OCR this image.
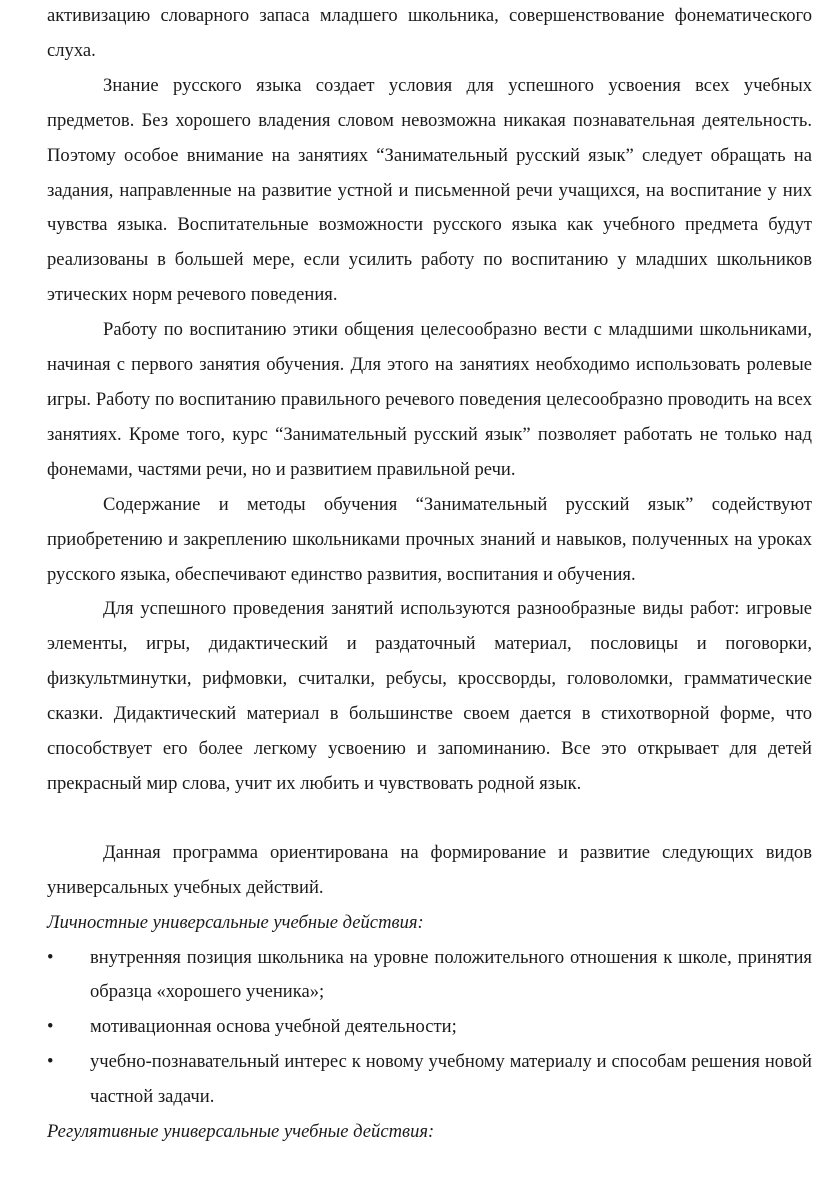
активизацию словарного запаса младшего школьника, совершенствование фонематического слуха.

Знание русского языка создает условия для успешного усвоения всех учебных предметов. Без хорошего владения словом невозможна никакая познавательная деятельность. Поэтому особое внимание на занятиях “Занимательный русский язык” следует обращать на задания, направленные на развитие устной и письменной речи учащихся, на воспитание у них чувства языка. Воспитательные возможности русского языка как учебного предмета будут реализованы в большей мере, если усилить работу по воспитанию у младших школьников этических норм речевого поведения.

Работу по воспитанию этики общения целесообразно вести с младшими школьниками, начиная с первого занятия обучения. Для этого на занятиях необходимо использовать ролевые игры. Работу по воспитанию правильного речевого поведения целесообразно проводить на всех занятиях. Кроме того, курс “Занимательный русский язык” позволяет работать не только над фонемами, частями речи, но и развитием правильной речи.

Содержание и методы обучения “Занимательный русский язык” содействуют приобретению и закреплению школьниками прочных знаний и навыков, полученных на уроках русского языка, обеспечивают единство развития, воспитания и обучения.

Для успешного проведения занятий используются разнообразные виды работ: игровые элементы, игры, дидактический и раздаточный материал, пословицы и поговорки, физкультминутки, рифмовки, считалки, ребусы, кроссворды, головоломки, грамматические сказки. Дидактический материал в большинстве своем дается в стихотворной форме, что способствует его более легкому усвоению и запоминанию. Все это открывает для детей прекрасный мир слова, учит их любить и чувствовать родной язык.

Данная программа ориентирована на формирование и развитие следующих видов универсальных учебных действий.

Личностные универсальные учебные действия:

•	внутренняя позиция школьника на уровне положительного отношения к школе, принятия образца «хорошего ученика»;
•	мотивационная основа учебной деятельности;
•	учебно-познавательный интерес к новому учебному материалу и способам решения новой частной задачи.

Регулятивные универсальные учебные действия:
